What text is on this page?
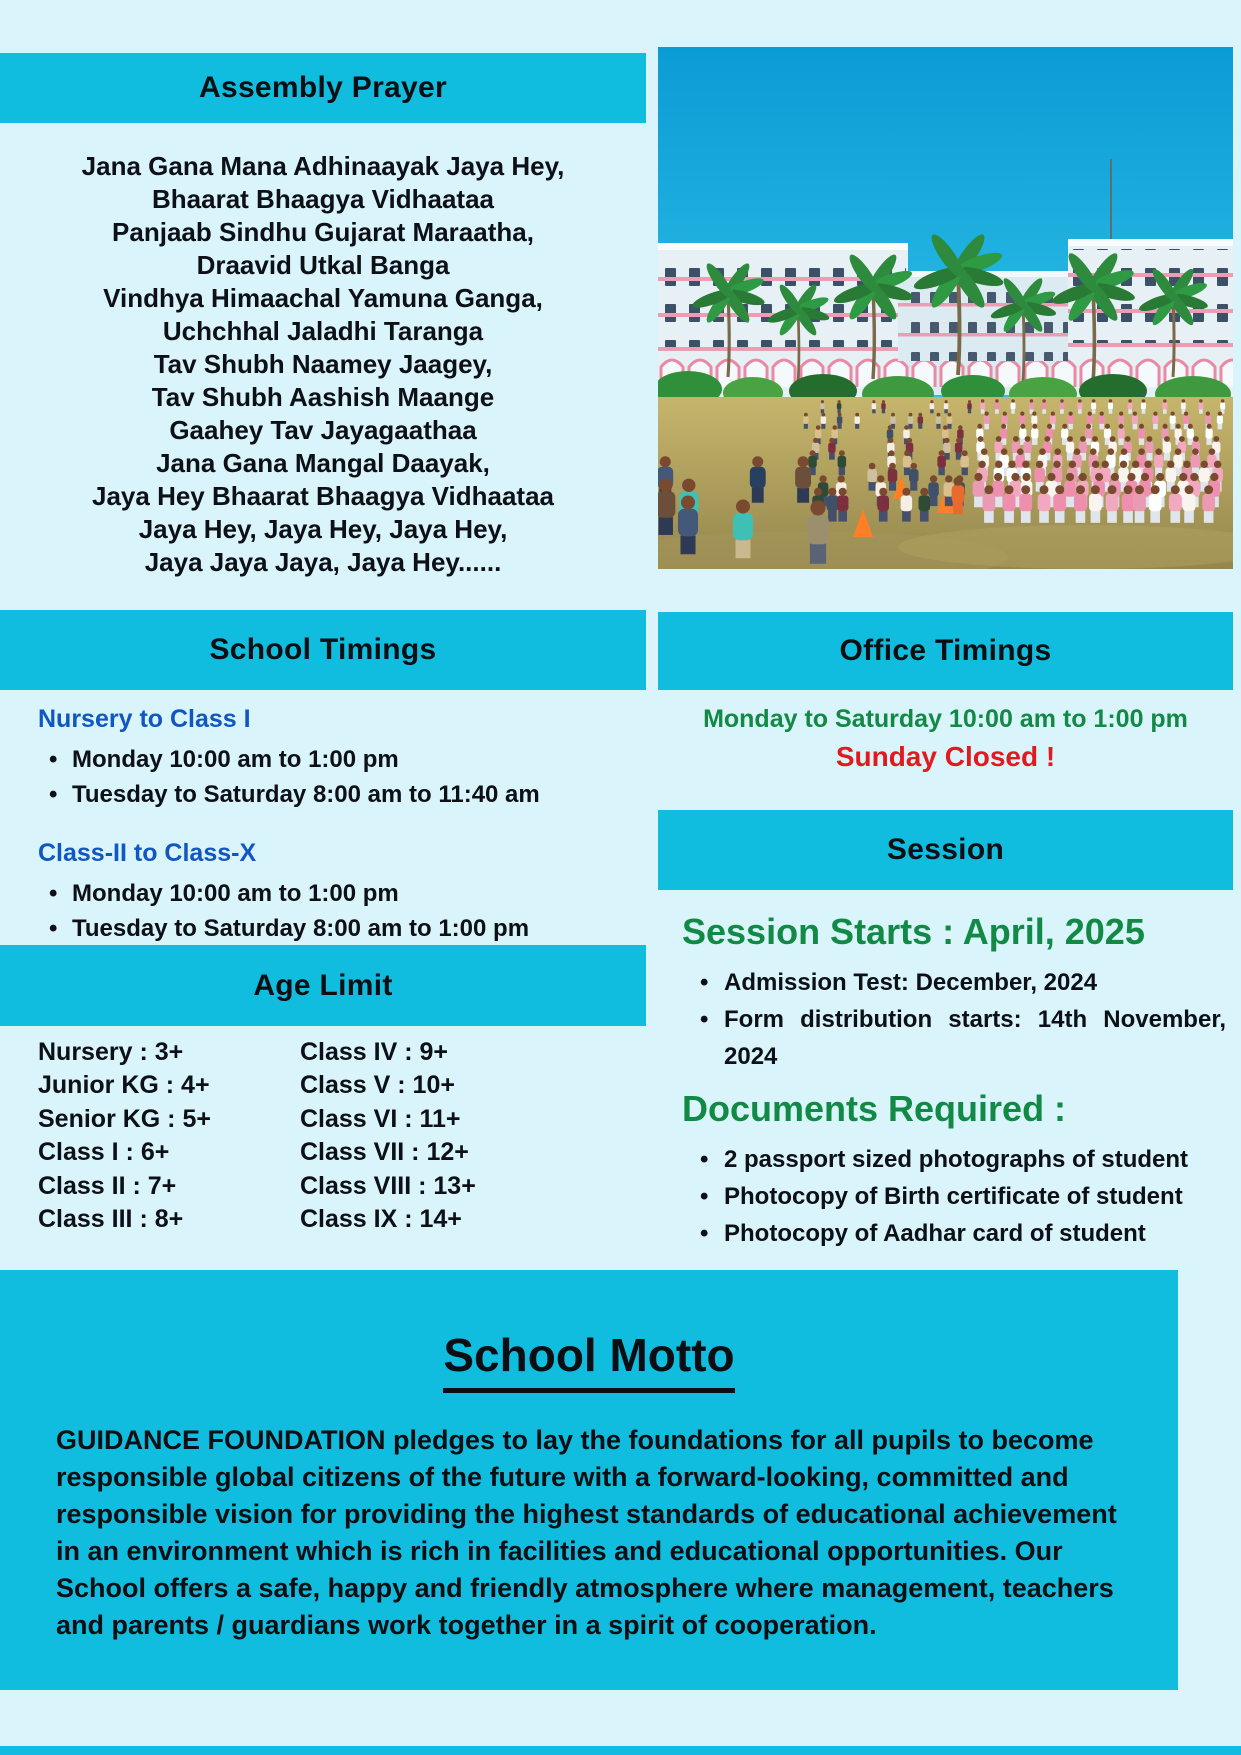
Assembly Prayer
Jana Gana Mana Adhinaayak Jaya Hey,
Bhaarat Bhaagya Vidhaataa
Panjaab Sindhu Gujarat Maraatha,
Draavid Utkal Banga
Vindhya Himaachal Yamuna Ganga,
Uchchhal Jaladhi Taranga
Tav Shubh Naamey Jaagey,
Tav Shubh Aashish Maange
Gaahey Tav Jayagaathaa
Jana Gana Mangal Daayak,
Jaya Hey Bhaarat Bhaagya Vidhaataa
Jaya Hey, Jaya Hey, Jaya Hey,
Jaya Jaya Jaya, Jaya Hey......
School Timings

Nursery to Class I

• Monday 10:00 am to 1:00 pm
• Tuesday to Saturday 8:00 am to 11:40 am

Class-II to Class-X

• Monday 10:00 am to 1:00 pm
• Tuesday to Saturday 8:00 am to 1:00 pm
Age Limit
Nursery : 3+
Junior KG : 4+
Senior KG : 5+
Class I : 6+
Class II : 7+
Class III : 8+
Class IV : 9+
Class V : 10+
Class VI : 11+
Class VII : 12+
Class VIII : 13+
Class IX : 14+
Office Timings

Monday to Saturday 10:00 am to 1:00 pm

Sunday Closed !

Session

Session Starts : April, 2025

• Admission Test: December, 2024
• Form distribution starts: 14th November, 2024

Documents Required :

• 2 passport sized photographs of student
• Photocopy of Birth certificate of student
• Photocopy of Aadhar card of student
School Motto

GUIDANCE FOUNDATION pledges to lay the foundations for all pupils to become responsible global citizens of the future with a forward-looking, committed and responsible vision for providing the highest standards of educational achievement in an environment which is rich in facilities and educational opportunities. Our School offers a safe, happy and friendly atmosphere where management, teachers and parents / guardians work together in a spirit of cooperation.
